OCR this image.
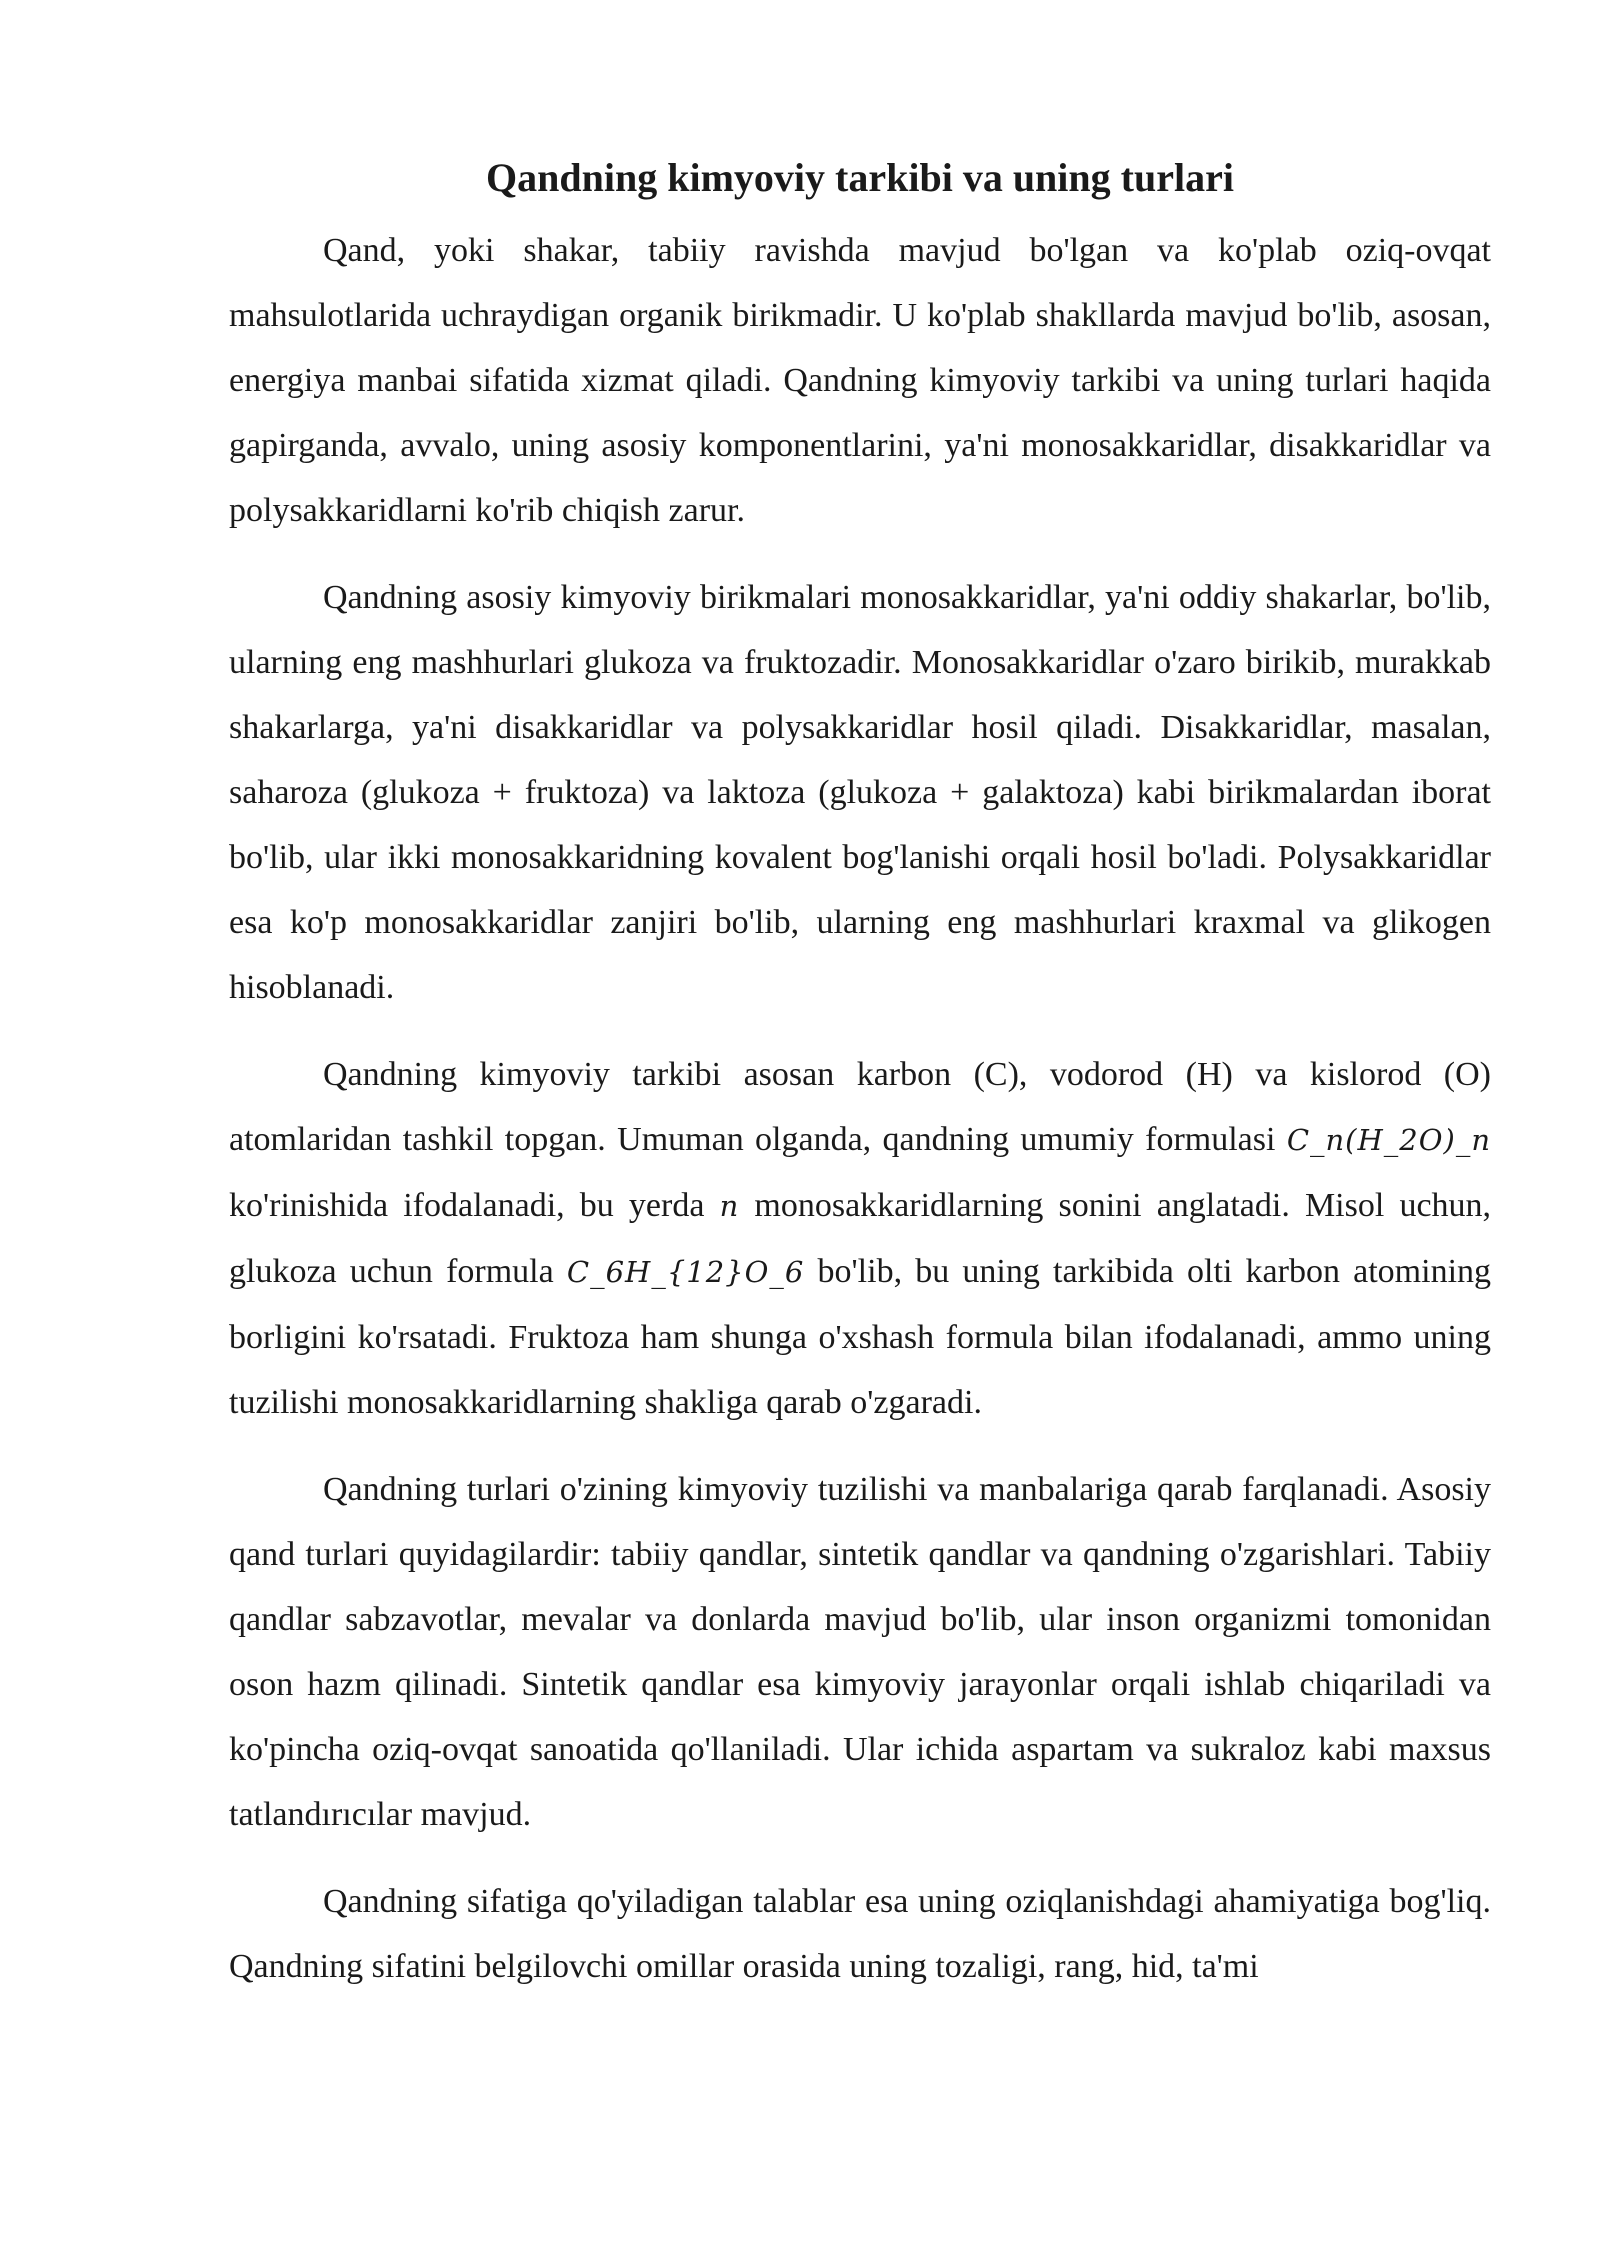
Qandning kimyoviy tarkibi va uning turlari

Qand, yoki shakar, tabiiy ravishda mavjud bo'lgan va ko'plab oziq-ovqat mahsulotlarida uchraydigan organik birikmadir. U ko'plab shakllarda mavjud bo'lib, asosan, energiya manbai sifatida xizmat qiladi. Qandning kimyoviy tarkibi va uning turlari haqida gapirganda, avvalo, uning asosiy komponentlarini, ya'ni monosakkaridlar, disakkaridlar va polysakkaridlarni ko'rib chiqish zarur.

Qandning asosiy kimyoviy birikmalari monosakkaridlar, ya'ni oddiy shakarlar, bo'lib, ularning eng mashhurlari glukoza va fruktozadir. Monosakkaridlar o'zaro birikib, murakkab shakarlarga, ya'ni disakkaridlar va polysakkaridlar hosil qiladi. Disakkaridlar, masalan, saharoza (glukoza + fruktoza) va laktoza (glukoza + galaktoza) kabi birikmalardan iborat bo'lib, ular ikki monosakkaridning kovalent bog'lanishi orqali hosil bo'ladi. Polysakkaridlar esa ko'p monosakkaridlar zanjiri bo'lib, ularning eng mashhurlari kraxmal va glikogen hisoblanadi.

Qandning kimyoviy tarkibi asosan karbon (C), vodorod (H) va kislorod (O) atomlaridan tashkil topgan. Umuman olganda, qandning umumiy formulasi C_n(H_2O)_n ko'rinishida ifodalanadi, bu yerda n monosakkaridlarning sonini anglatadi. Misol uchun, glukoza uchun formula C_6H_{12}O_6 bo'lib, bu uning tarkibida olti karbon atomining borligini ko'rsatadi. Fruktoza ham shunga o'xshash formula bilan ifodalanadi, ammo uning tuzilishi monosakkaridlarning shakliga qarab o'zgaradi.

Qandning turlari o'zining kimyoviy tuzilishi va manbalariga qarab farqlanadi. Asosiy qand turlari quyidagilardir: tabiiy qandlar, sintetik qandlar va qandning o'zgarishlari. Tabiiy qandlar sabzavotlar, mevalar va donlarda mavjud bo'lib, ular inson organizmi tomonidan oson hazm qilinadi. Sintetik qandlar esa kimyoviy jarayonlar orqali ishlab chiqariladi va ko'pincha oziq-ovqat sanoatida qo'llaniladi. Ular ichida aspartam va sukraloz kabi maxsus tatlandırıcılar mavjud.

Qandning sifatiga qo'yiladigan talablar esa uning oziqlanishdagi ahamiyatiga bog'liq. Qandning sifatini belgilovchi omillar orasida uning tozaligi, rang, hid, ta'mi
